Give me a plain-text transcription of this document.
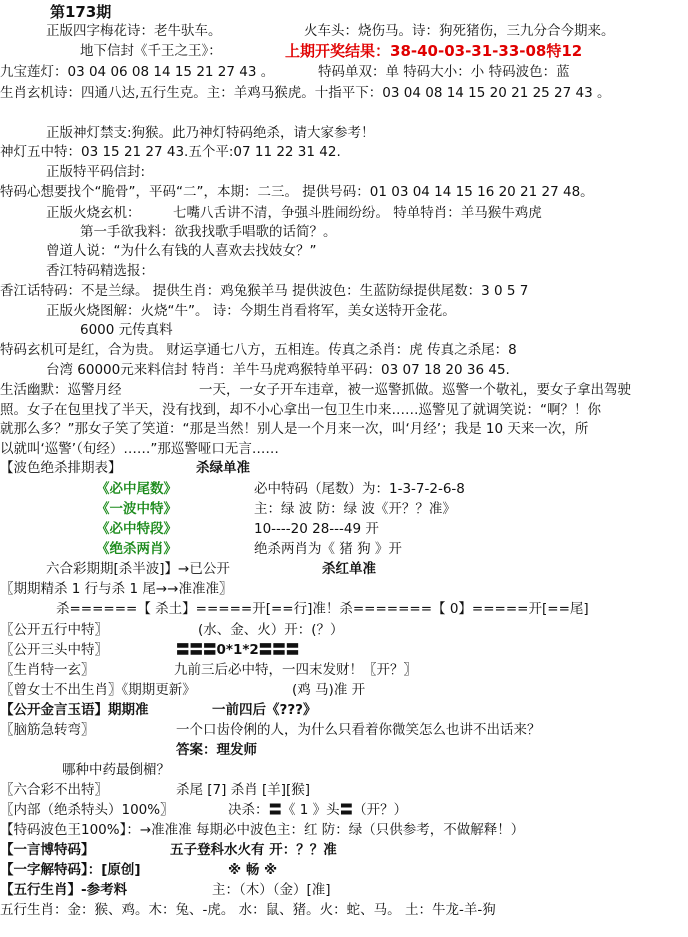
第173期
正版四字梅花诗：老牛驮车。	火车头：烧伤马。诗：狗死猪伤，三九分合今期来。
地下信封《千王之王》：	上期开奖结果：38-40-03-31-33-08特12
九宝莲灯：03 04 06 08 14 15 21 27 43 。	特码单双：单 特码大小：小 特码波色：蓝
生肖玄机诗：四通八达,五行生克。主：羊鸡马猴虎。十指平下：03 04 08 14 15 20 21 25 27 43 。
正版神灯禁支:狗猴。此乃神灯特码绝杀，请大家参考！
神灯五中特：03 15 21 27 43.五个平:07 11 22 31 42.
正版特平码信封:
特码心想要找个“脆骨”，平码“二”，本期：二三。 提供号码：01 03 04 14 15 16 20 21 27 48。
正版火烧玄机： 七嘴八舌讲不清，争强斗胜闹纷纷。 特单特肖：羊马猴牛鸡虎
第一手欲我料：欲我找歌手唱歌的话简？。
曾道人说：“为什么有钱的人喜欢去找妓女？”
香江特码精选报：
香江话特码：不是兰绿。 提供生肖：鸡兔猴羊马 提供波色：生蓝防绿提供尾数：3 0 5 7
正版火烧图解：火烧“牛”。 诗：今期生肖看将军，美女送特开金花。
6000 元传真料
特码玄机可是红，合为贵。 财运享通七八方，五相连。传真之杀肖：虎 传真之杀尾：8
台湾 60000元来料信封 特肖：羊牛马虎鸡猴特单平码：03 07 18 20 36 45.
生活幽默：巡警月经	一天，一女子开车违章，被一巡警抓做。巡警一个敬礼，要女子拿出驾驶
照。女子在包里找了半天，没有找到，却不小心拿出一包卫生巾来……巡警见了就调笑说：“啊？！你
就那么多？”那女子笑了笑道：“那是当然！别人是一个月来一次，叫‘月经’；我是 10 天来一次，所
以就叫‘巡警’（旬经）……”那巡警哑口无言……
【波色绝杀排期表】	杀绿单准
《必中尾数》	必中特码（尾数）为：1-3-7-2-6-8
《一波中特》	主：绿 波 防：绿 波《开？？准》
《必中特段》	10----20 28---49 开
《绝杀两肖》	绝杀两肖为《 猪 狗 》开
六合彩期期[杀半波]】→已公开	杀红单准
〖期期精杀 1 行与杀 1 尾→→准准准〗
杀======【 杀土】=====开[==行]准！杀=======【 0】=====开[==尾]
〖公开五行中特〗	(水、金、火）开：(？）
〖公开三头中特〗	〓〓〓0*1*2〓〓〓
〖生肖特一玄〗	九前三后必中特，一四末发财！〖开？〗
〖曾女士不出生肖〗《期期更新》	(鸡 马)准 开
【公开金言玉语】期期准	一前四后《???》
〖脑筋急转弯〗	一个口齿伶俐的人，为什么只看着你微笑怎么也讲不出话来？
答案：理发师
哪种中药最倒楣？
〖六合彩不出特〗	杀尾 [7] 杀肖 [羊][猴]
〖内部（绝杀特头）100%〗	决杀：〓《 1 》头〓（开？）
【特码波色王100%】：→准准准 每期必中波色主：红 防：绿（只供参考，不做解释！）
【一言博特码】	五子登科水火有 开：？？准
【一字解特码】：[原创]	※ 畅 ※
【五行生肖】-参考料	主：（木）（金）[准]
五行生肖：金：猴、鸡。木：兔、-虎。 水：鼠、猪。火：蛇、马。 土：牛龙-羊-狗
